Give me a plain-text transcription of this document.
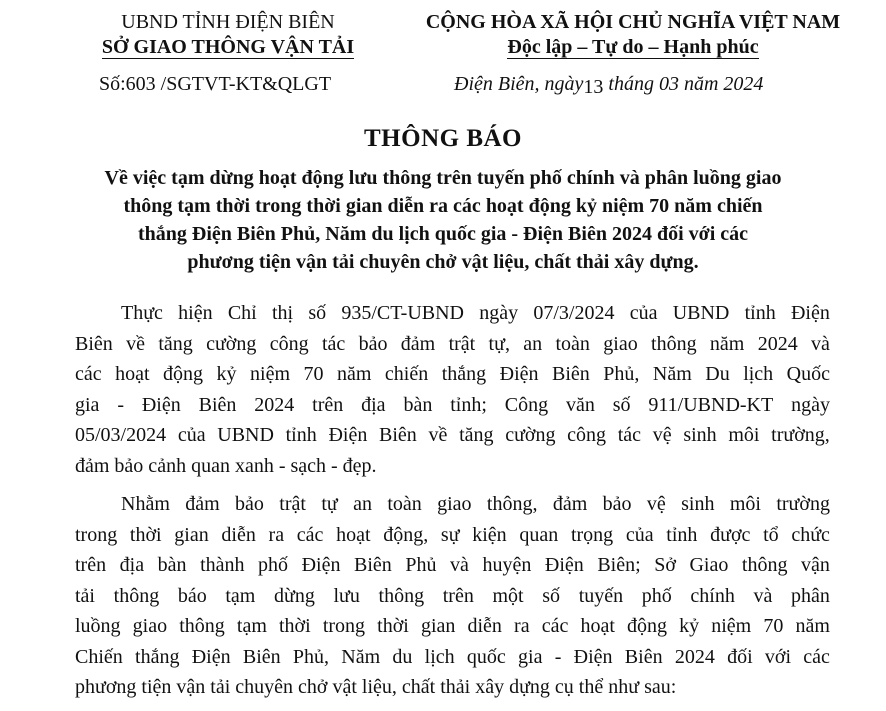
UBND TỈNH ĐIỆN BIÊN
SỞ GIAO THÔNG VẬN TẢI
CỘNG HÒA XÃ HỘI CHỦ NGHĨA VIỆT NAM
Độc lập – Tự do – Hạnh phúc
Số:603 /SGTVT-KT&QLGT	Điện Biên, ngày13 tháng 03 năm 2024
THÔNG BÁO
Về việc tạm dừng hoạt động lưu thông trên tuyến phố chính và phân luồng giao
thông tạm thời trong thời gian diễn ra các hoạt động kỷ niệm 70 năm chiến
thắng Điện Biên Phủ, Năm du lịch quốc gia - Điện Biên 2024 đối với các
phương tiện vận tải chuyên chở vật liệu, chất thải xây dựng.
Thực hiện Chỉ thị số 935/CT-UBND ngày 07/3/2024 của UBND tỉnh Điện
Biên về tăng cường công tác bảo đảm trật tự, an toàn giao thông năm 2024 và
các hoạt động kỷ niệm 70 năm chiến thắng Điện Biên Phủ, Năm Du lịch Quốc
gia - Điện Biên 2024 trên địa bàn tỉnh; Công văn số 911/UBND-KT ngày
05/03/2024 của UBND tỉnh Điện Biên về tăng cường công tác vệ sinh môi trường,
đảm bảo cảnh quan xanh - sạch - đẹp.
Nhằm đảm bảo trật tự an toàn giao thông, đảm bảo vệ sinh môi trường
trong thời gian diễn ra các hoạt động, sự kiện quan trọng của tỉnh được tổ chức
trên địa bàn thành phố Điện Biên Phủ và huyện Điện Biên; Sở Giao thông vận
tải thông báo tạm dừng lưu thông trên một số tuyến phố chính và phân
luồng giao thông tạm thời trong thời gian diễn ra các hoạt động kỷ niệm 70 năm
Chiến thắng Điện Biên Phủ, Năm du lịch quốc gia - Điện Biên 2024 đối với các
phương tiện vận tải chuyên chở vật liệu, chất thải xây dựng cụ thể như sau:
